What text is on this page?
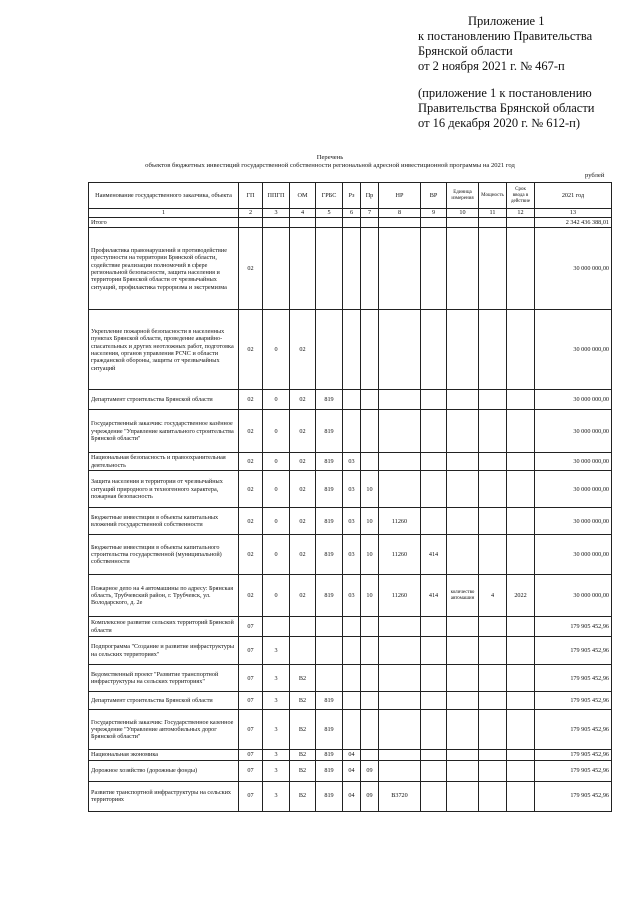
Приложение 1
к постановлению Правительства
Брянской области
от 2 ноября 2021 г. № 467-п
(приложение 1 к постановлению
Правительства Брянской области
от 16 декабря 2020 г. № 612-п)
Перечень
объектов бюджетных инвестиций государственной собственности региональной адресной инвестиционной программы на 2021 год
рублей
Наименование государственного заказчика, объекта	ГП	ППГП	ОМ	ГРБС	Рз	Пр	НР	ВР	Единица измерения	Мощность	Срок ввода в действие	2021 год
1	2	3	4	5	6	7	8	9	10	11	12	13
Итого												2 342 436 388,01
Профилактика правонарушений и противодействие преступности на территории Брянской области, содействие реализации полномочий в сфере региональной безопасности, защита населения и территории Брянской области от чрезвычайных ситуаций, профилактика терроризма и экстремизма	02											30 000 000,00
Укрепление пожарной безопасности в населенных пунктах Брянской области, проведение аварийно-спасательных и других неотложных работ, подготовка населения, органов управления РСЧС и области гражданской обороны, защиты от чрезвычайных ситуаций	02	0	02									30 000 000,00
Департамент строительства Брянской области	02	0	02	819								30 000 000,00
Государственный заказчик: государственное казённое учреждение "Управление капитального строительства Брянской области"	02	0	02	819								30 000 000,00
Национальная безопасность и правоохранительная деятельность	02	0	02	819	03							30 000 000,00
Защита населения и территории от чрезвычайных ситуаций природного и техногенного характера, пожарная безопасность	02	0	02	819	03	10						30 000 000,00
Бюджетные инвестиции в объекты капитальных вложений государственной собственности	02	0	02	819	03	10	11260					30 000 000,00
Бюджетные инвестиции в объекты капитального строительства государственной (муниципальной) собственности	02	0	02	819	03	10	11260	414				30 000 000,00
Пожарное депо на 4 автомашины по адресу: Брянская область, Трубчевский район, г. Трубчевск, ул. Володарского, д. 2е	02	0	02	819	03	10	11260	414	количество автомашин	4	2022	30 000 000,00
Комплексное развитие сельских территорий Брянской области	07											179 905 452,96
Подпрограмма "Создание и развитие инфраструктуры на сельских территориях"	07	3										179 905 452,96
Ведомственный проект "Развитие транспортной инфраструктуры на сельских территориях"	07	3	В2									179 905 452,96
Департамент строительства Брянской области	07	3	В2	819								179 905 452,96
Государственный заказчик: Государственное казенное учреждение "Управление автомобильных дорог Брянской области"	07	3	В2	819								179 905 452,96
Национальная экономика	07	3	В2	819	04							179 905 452,96
Дорожное хозяйство (дорожные фонды)	07	3	В2	819	04	09						179 905 452,96
Развитие транспортной инфраструктуры на сельских территориях	07	3	В2	819	04	09	В3720					179 905 452,96
